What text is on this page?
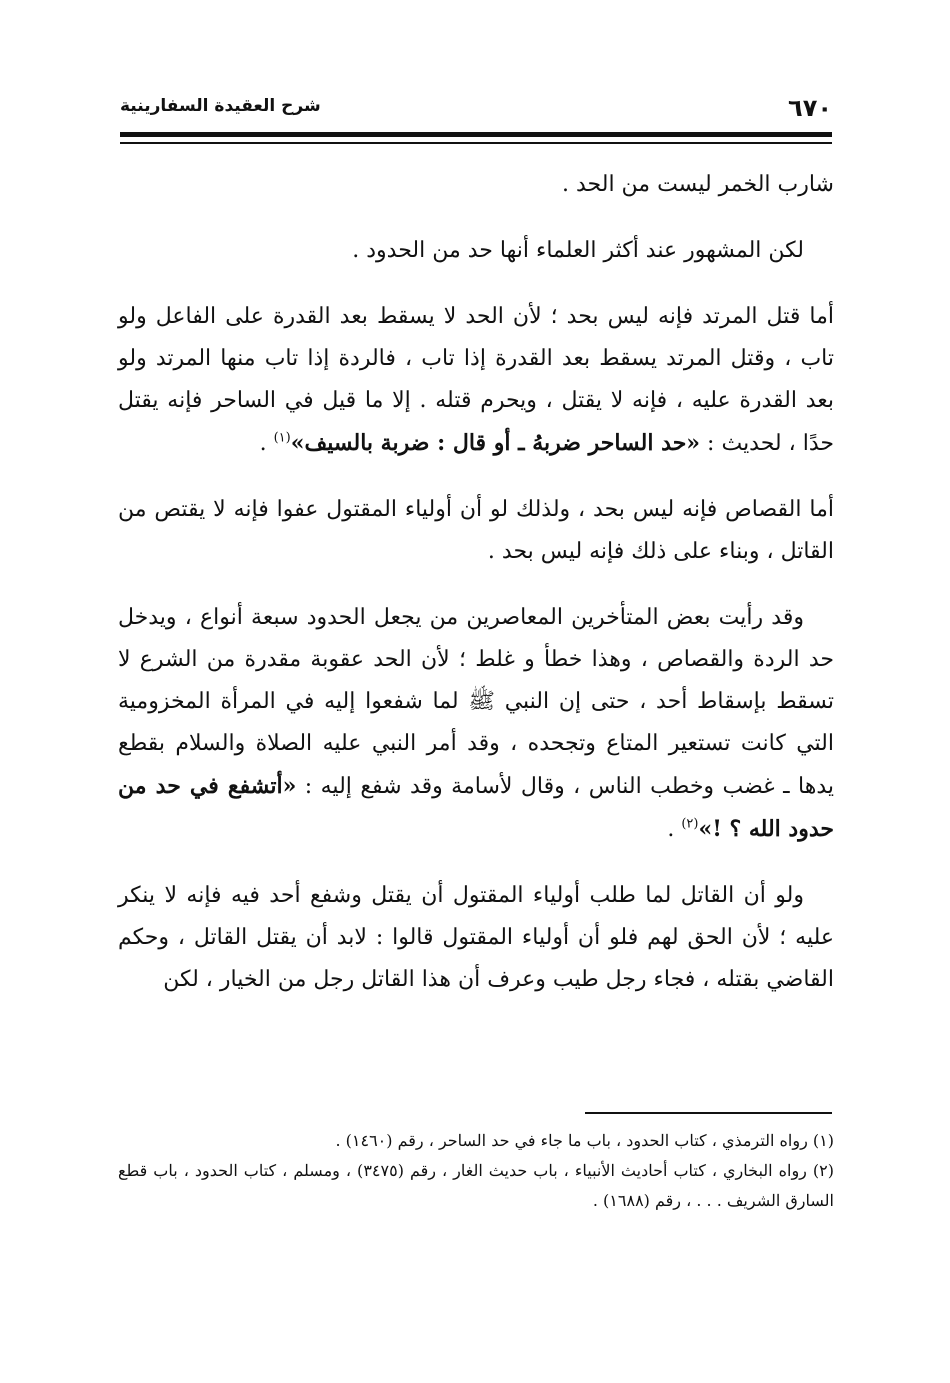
٦٧٠
شرح العقيدة السفارينية

شارب الخمر ليست من الحد .

لكن المشهور عند أكثر العلماء أنها حد من الحدود .

أما قتل المرتد فإنه ليس بحد ؛ لأن الحد لا يسقط بعد القدرة على الفاعل ولو تاب ، وقتل المرتد يسقط بعد القدرة إذا تاب ، فالردة إذا تاب منها المرتد ولو بعد القدرة عليه ، فإنه لا يقتل ، ويحرم قتله . إلا ما قيل في الساحر فإنه يقتل حدًا ، لحديث : «حد الساحر ضربهُ ـ أو قال : ضربة بالسيف»$^{(١)}$ .

أما القصاص فإنه ليس بحد ، ولذلك لو أن أولياء المقتول عفوا فإنه لا يقتص من القاتل ، وبناء على ذلك فإنه ليس بحد .

وقد رأيت بعض المتأخرين المعاصرين من يجعل الحدود سبعة أنواع ، ويدخل حد الردة والقصاص ، وهذا خطأ و غلط ؛ لأن الحد عقوبة مقدرة من الشرع لا تسقط بإسقاط أحد ، حتى إن النبي ﷺ لما شفعوا إليه في المرأة المخزومية التي كانت تستعير المتاع وتجحده ، وقد أمر النبي عليه الصلاة والسلام بقطع يدها ـ غضب وخطب الناس ، وقال لأسامة وقد شفع إليه : «أتشفع في حد من حدود الله ؟ !»$^{(٢)}$ .

ولو أن القاتل لما طلب أولياء المقتول أن يقتل وشفع أحد فيه فإنه لا ينكر عليه ؛ لأن الحق لهم فلو أن أولياء المقتول قالوا : لابد أن يقتل القاتل ، وحكم القاضي بقتله ، فجاء رجل طيب وعرف أن هذا القاتل رجل من الخيار ، لكن

(١) رواه الترمذي ، كتاب الحدود ، باب ما جاء في حد الساحر ، رقم (١٤٦٠) .

(٢) رواه البخاري ، كتاب أحاديث الأنبياء ، باب حديث الغار ، رقم (٣٤٧٥) ، ومسلم ، كتاب الحدود ، باب قطع السارق الشريف . . . ، رقم (١٦٨٨) .
